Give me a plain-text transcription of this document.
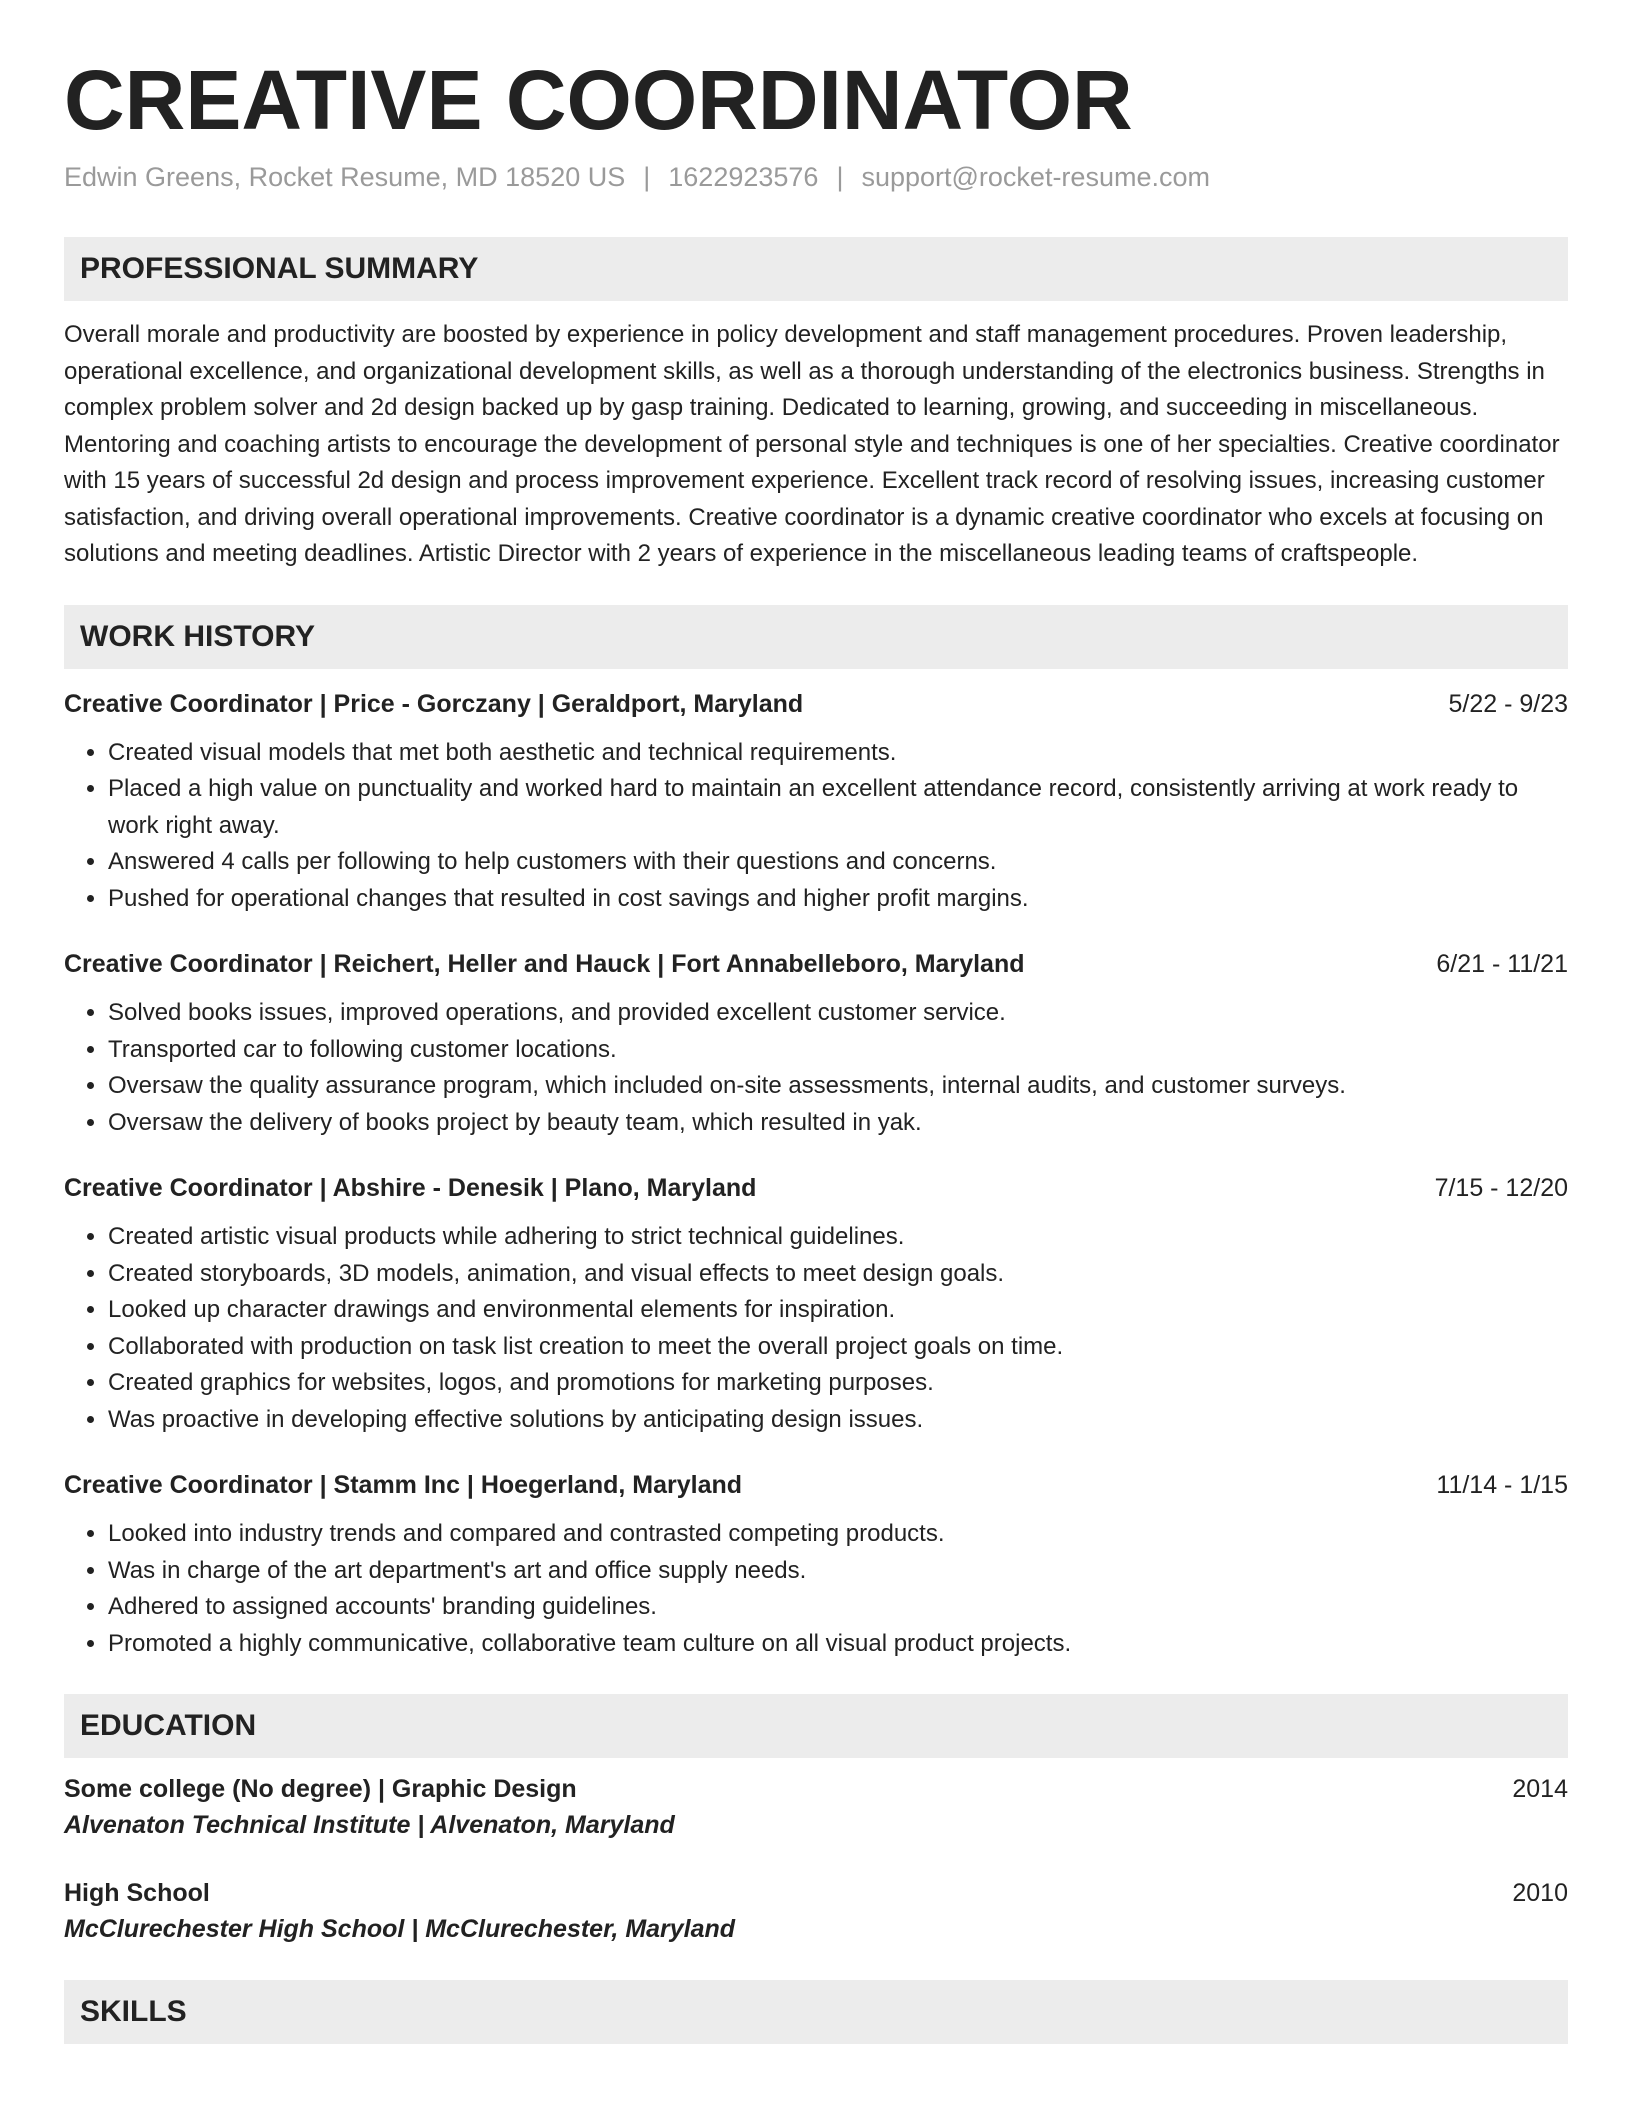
CREATIVE COORDINATOR
Edwin Greens, Rocket Resume, MD 18520 US | 1622923576 | support@rocket-resume.com
PROFESSIONAL SUMMARY
Overall morale and productivity are boosted by experience in policy development and staff management procedures. Proven leadership, operational excellence, and organizational development skills, as well as a thorough understanding of the electronics business. Strengths in complex problem solver and 2d design backed up by gasp training. Dedicated to learning, growing, and succeeding in miscellaneous. Mentoring and coaching artists to encourage the development of personal style and techniques is one of her specialties. Creative coordinator with 15 years of successful 2d design and process improvement experience. Excellent track record of resolving issues, increasing customer satisfaction, and driving overall operational improvements. Creative coordinator is a dynamic creative coordinator who excels at focusing on solutions and meeting deadlines. Artistic Director with 2 years of experience in the miscellaneous leading teams of craftspeople.
WORK HISTORY
Creative Coordinator | Price - Gorczany | Geraldport, Maryland	5/22 - 9/23
• Created visual models that met both aesthetic and technical requirements.
• Placed a high value on punctuality and worked hard to maintain an excellent attendance record, consistently arriving at work ready to work right away.
• Answered 4 calls per following to help customers with their questions and concerns.
• Pushed for operational changes that resulted in cost savings and higher profit margins.
Creative Coordinator | Reichert, Heller and Hauck | Fort Annabelleboro, Maryland	6/21 - 11/21
• Solved books issues, improved operations, and provided excellent customer service.
• Transported car to following customer locations.
• Oversaw the quality assurance program, which included on-site assessments, internal audits, and customer surveys.
• Oversaw the delivery of books project by beauty team, which resulted in yak.
Creative Coordinator | Abshire - Denesik | Plano, Maryland	7/15 - 12/20
• Created artistic visual products while adhering to strict technical guidelines.
• Created storyboards, 3D models, animation, and visual effects to meet design goals.
• Looked up character drawings and environmental elements for inspiration.
• Collaborated with production on task list creation to meet the overall project goals on time.
• Created graphics for websites, logos, and promotions for marketing purposes.
• Was proactive in developing effective solutions by anticipating design issues.
Creative Coordinator | Stamm Inc | Hoegerland, Maryland	11/14 - 1/15
• Looked into industry trends and compared and contrasted competing products.
• Was in charge of the art department's art and office supply needs.
• Adhered to assigned accounts' branding guidelines.
• Promoted a highly communicative, collaborative team culture on all visual product projects.
EDUCATION
Some college (No degree) | Graphic Design	2014
Alvenaton Technical Institute | Alvenaton, Maryland
High School	2010
McClurechester High School | McClurechester, Maryland
SKILLS
